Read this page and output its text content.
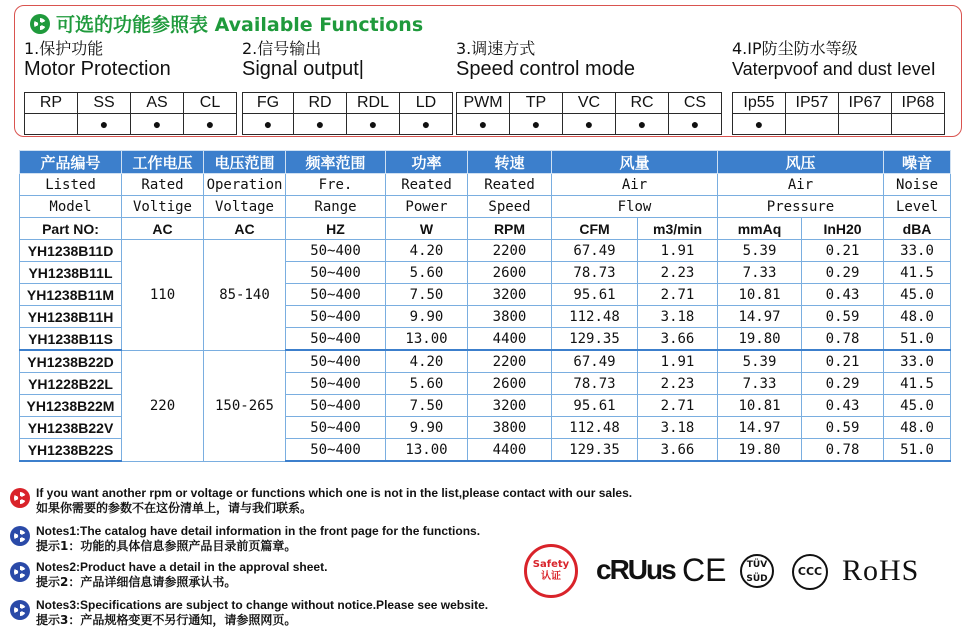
可选的功能参照表 Available Functions
1.保护功能
Motor Protection
2.信号输出
Signal output|
3.调速方式
Speed control mode
4.IP防尘防水等级
Vaterpvoof and dust IeveI
RP	SS	AS	CL
	●	●	●
FG	RD	RDL	LD
●	●	●	●
PWM	TP	VC	RC	CS
●	●	●	●	●
Ip55	IP57	IP67	IP68
●			
产品编号	工作电压	电压范围	频率范围	功率	转速	风量		风压		噪音
Listed	Rated	Operation	Fre.	Reated	Reated	Air		Air		Noise
Model	Voltige	Voltage	Range	Power	Speed	Flow		Pressure		Level
Part NO:	AC	AC	HZ	W	RPM	CFM	m3/min	mmAq	InH20	dBA
YH1238B11D	110	85-140	50~400	4.20	2200	67.49	1.91	5.39	0.21	33.0
YH1238B11L			50~400	5.60	2600	78.73	2.23	7.33	0.29	41.5
YH1238B11M			50~400	7.50	3200	95.61	2.71	10.81	0.43	45.0
YH1238B11H			50~400	9.90	3800	112.48	3.18	14.97	0.59	48.0
YH1238B11S			50~400	13.00	4400	129.35	3.66	19.80	0.78	51.0
YH1238B22D	220	150-265	50~400	4.20	2200	67.49	1.91	5.39	0.21	33.0
YH1228B22L			50~400	5.60	2600	78.73	2.23	7.33	0.29	41.5
YH1238B22M			50~400	7.50	3200	95.61	2.71	10.81	0.43	45.0
YH1238B22V			50~400	9.90	3800	112.48	3.18	14.97	0.59	48.0
YH1238B22S			50~400	13.00	4400	129.35	3.66	19.80	0.78	51.0
If you want another rpm or voltage or functions which one is not in the list,please contact with our sales.
如果你需要的参数不在这份清单上，请与我们联系。
Notes1:The catalog have detail information in the front page for the functions.
提示1：功能的具体信息参照产品目录前页篇章。
Notes2:Product have a detail in the approval sheet.
提示2：产品详细信息请参照承认书。
Notes3:Specifications are subject to change without notice.Please see website.
提示3：产品规格变更不另行通知，请参照网页。
Safety
认证	cRUus CE	TÜV
SÜD
CCC RoHS
